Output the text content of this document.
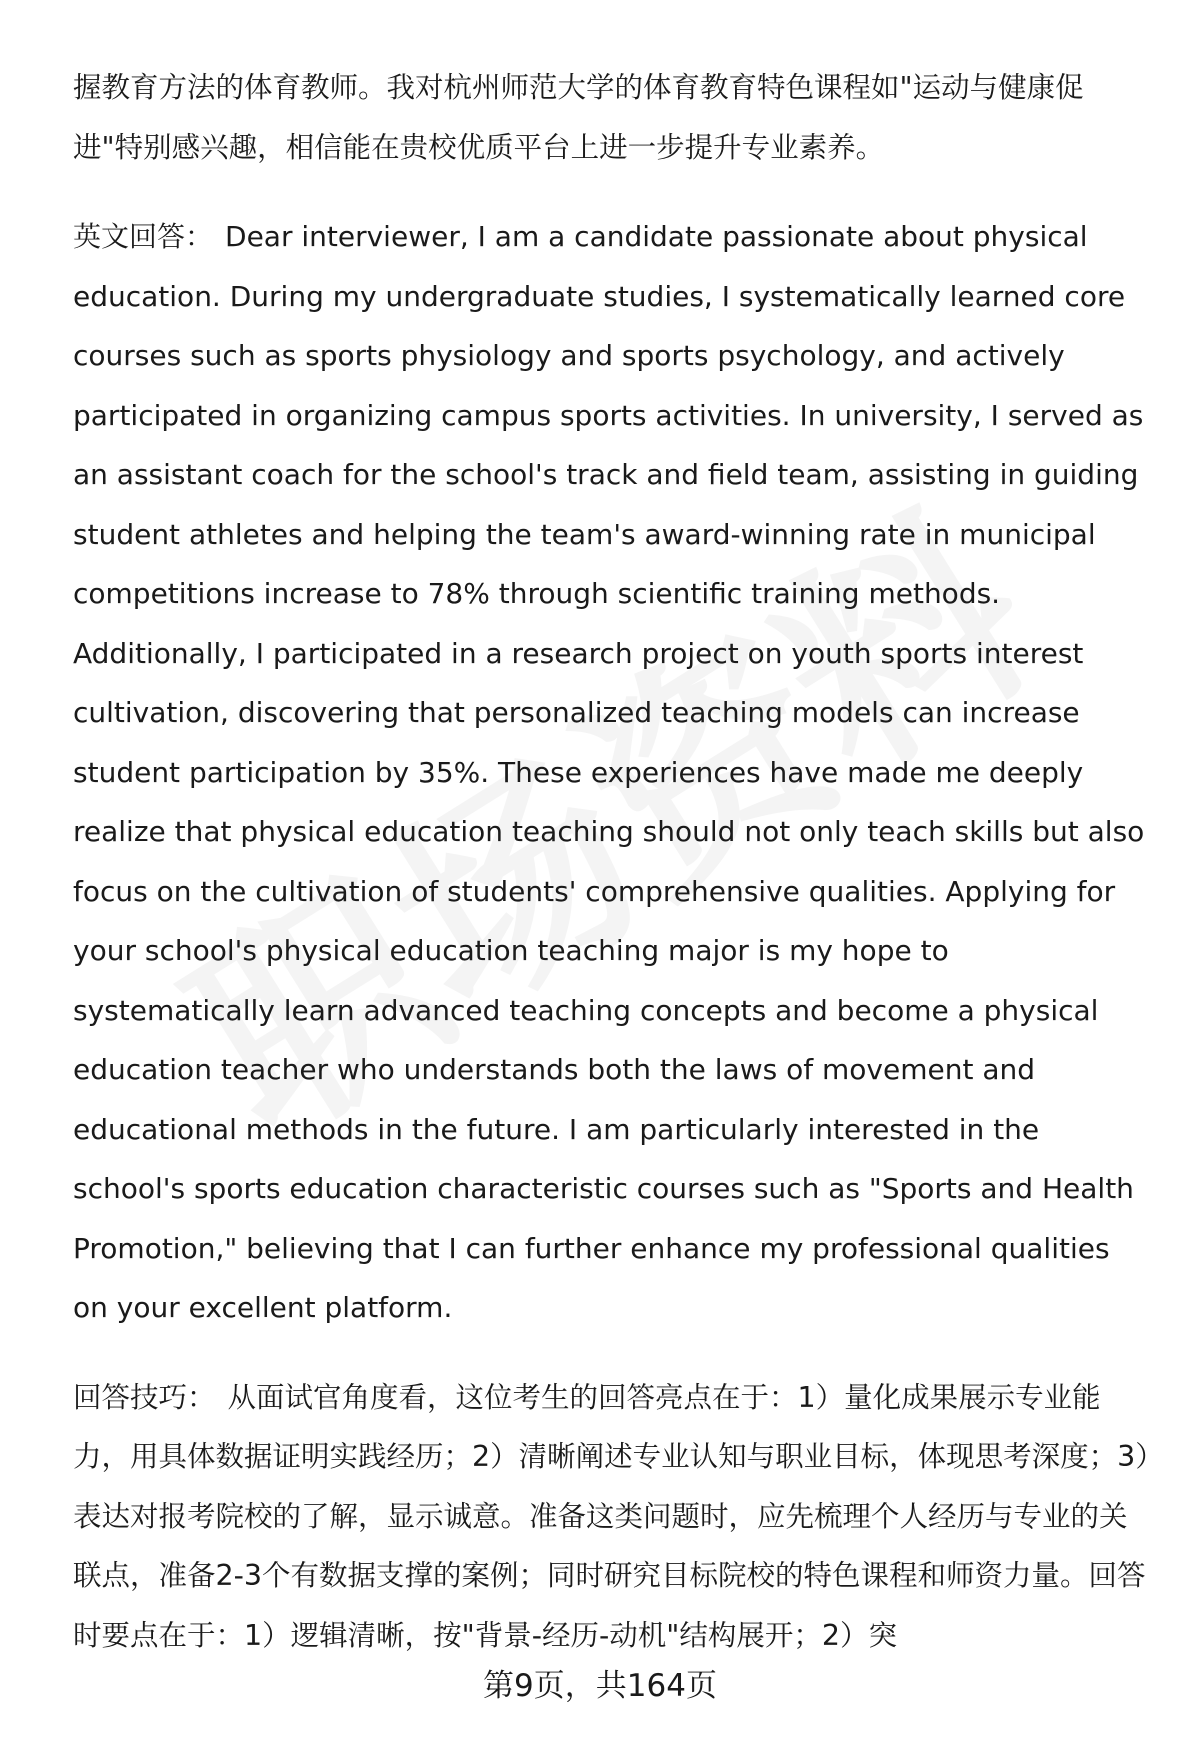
握教育方法的体育教师。我对杭州师范大学的体育教育特色课程如"运动与健康促进"特别感兴趣，相信能在贵校优质平台上进一步提升专业素养。

英文回答： Dear interviewer, I am a candidate passionate about physical education. During my undergraduate studies, I systematically learned core courses such as sports physiology and sports psychology, and actively participated in organizing campus sports activities. In university, I served as an assistant coach for the school's track and field team, assisting in guiding student athletes and helping the team's award-winning rate in municipal competitions increase to 78% through scientific training methods. Additionally, I participated in a research project on youth sports interest cultivation, discovering that personalized teaching models can increase student participation by 35%. These experiences have made me deeply realize that physical education teaching should not only teach skills but also focus on the cultivation of students' comprehensive qualities. Applying for your school's physical education teaching major is my hope to systematically learn advanced teaching concepts and become a physical education teacher who understands both the laws of movement and educational methods in the future. I am particularly interested in the school's sports education characteristic courses such as "Sports and Health Promotion," believing that I can further enhance my professional qualities on your excellent platform.

回答技巧： 从面试官角度看，这位考生的回答亮点在于：1）量化成果展示专业能力，用具体数据证明实践经历；2）清晰阐述专业认知与职业目标，体现思考深度；3）表达对报考院校的了解，显示诚意。准备这类问题时，应先梳理个人经历与专业的关联点，准备2-3个有数据支撑的案例；同时研究目标院校的特色课程和师资力量。回答时要点在于：1）逻辑清晰，按"背景-经历-动机"结构展开；2）突

第9页，共164页
